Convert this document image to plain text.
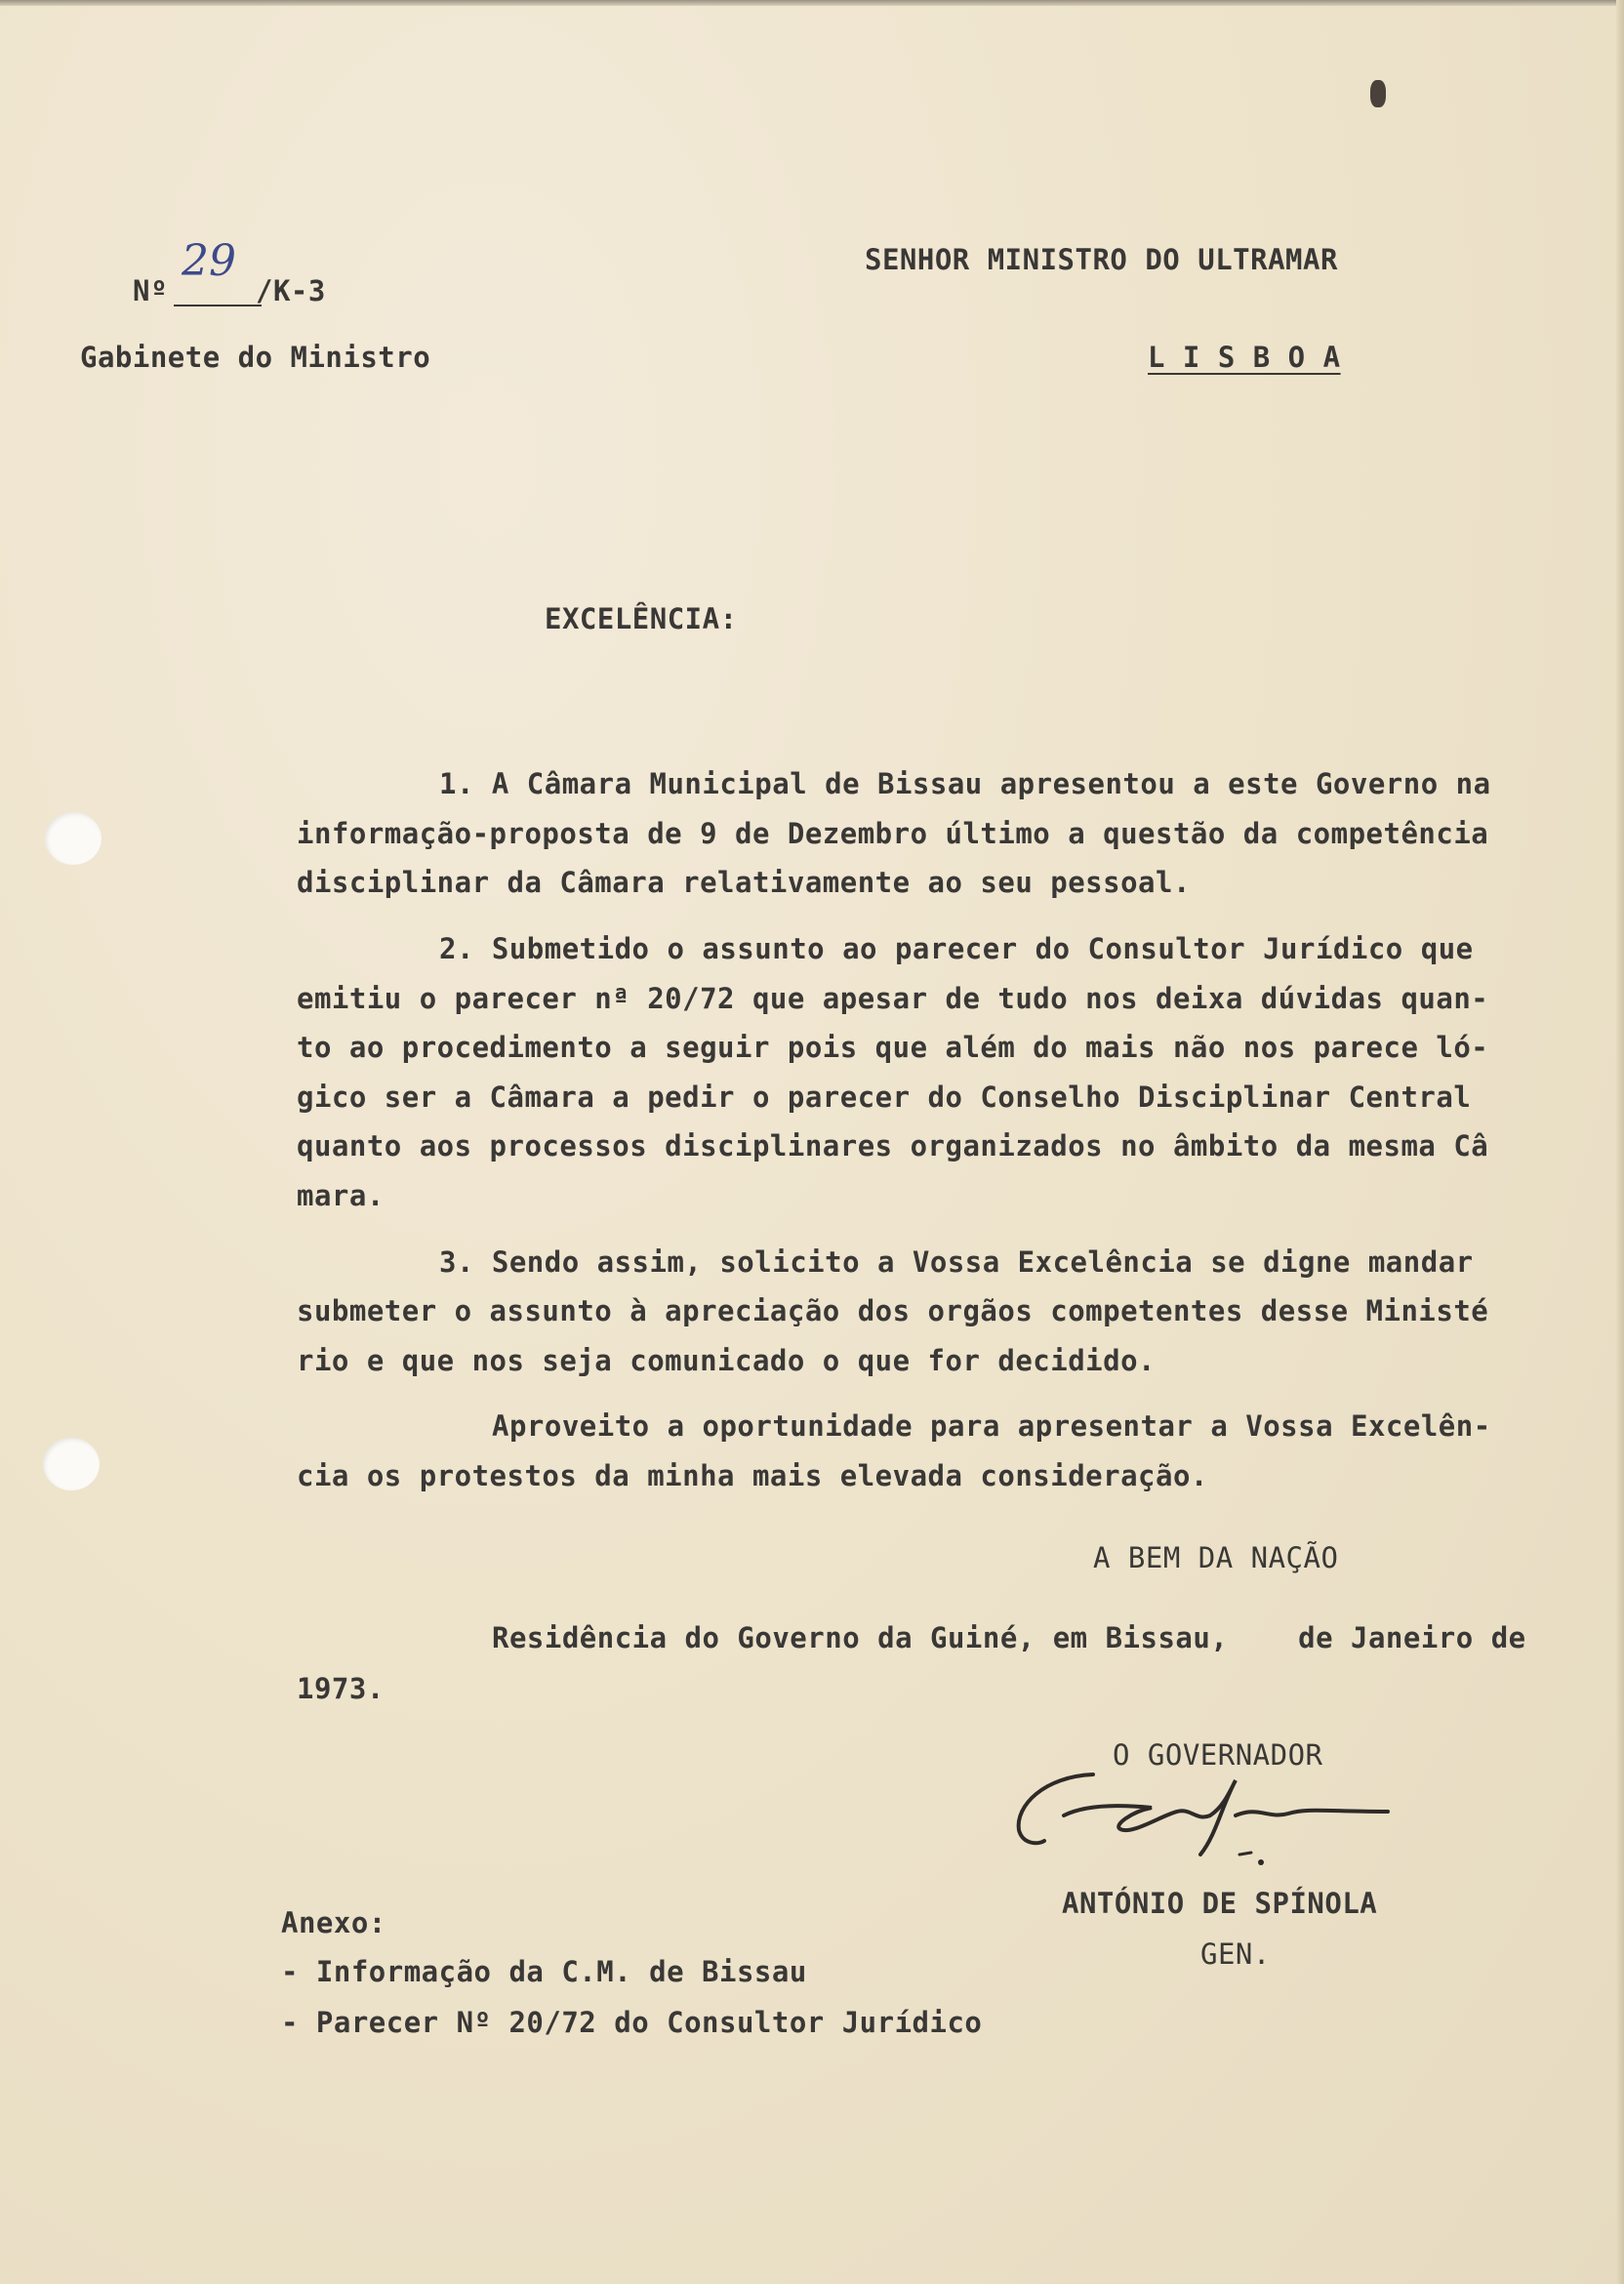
Nº
29
/K-3
Gabinete do Ministro
SENHOR MINISTRO DO ULTRAMAR
L I S B O A
EXCELÊNCIA:

1. A Câmara Municipal de Bissau apresentou a este Governo na

informação-proposta de 9 de Dezembro último a questão da competência

disciplinar da Câmara relativamente ao seu pessoal.

2. Submetido o assunto ao parecer do Consultor Jurídico que

emitiu o parecer nª 20/72 que apesar de tudo nos deixa dúvidas quan-

to ao procedimento a seguir pois que além do mais não nos parece ló-

gico ser a Câmara a pedir o parecer do Conselho Disciplinar Central

quanto aos processos disciplinares organizados no âmbito da mesma Câ

mara.

3. Sendo assim, solicito a Vossa Excelência se digne mandar

submeter o assunto à apreciação dos orgãos competentes desse Ministé

rio e que nos seja comunicado o que for decidido.

Aproveito a oportunidade para apresentar a Vossa Excelên-

cia os protestos da minha mais elevada consideração.

A BEM DA NAÇÃO
Residência do Governo da Guiné, em Bissau,    de Janeiro de
1973.
O GOVERNADOR
ANTÓNIO DE SPÍNOLA
GEN.
Anexo:
- Informação da C.M. de Bissau
- Parecer Nº 20/72 do Consultor Jurídico
